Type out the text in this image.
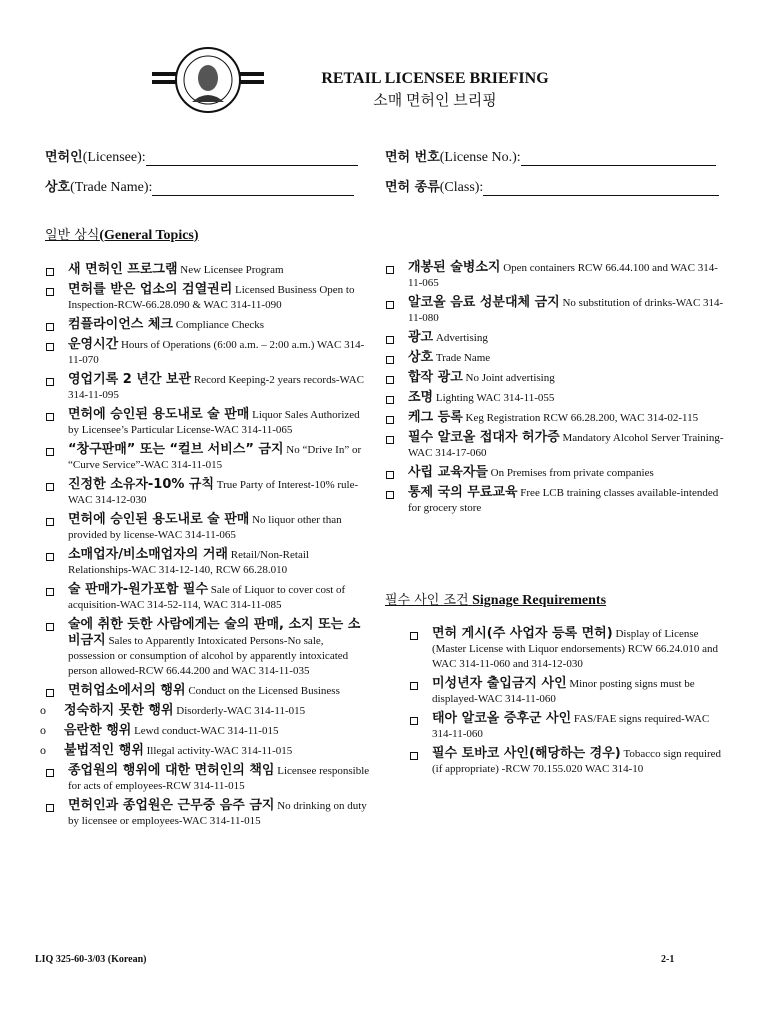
RETAIL LICENSEE BRIEFING
소매 면허인 브리핑
면허인(Licensee):	면허 번호(License No.):
상호(Trade Name):	면허 종류(Class):
일반 상식(General Topics)
새 면허인 프로그램 New Licensee Program
면허를 받은 업소의 검열권리 Licensed Business Open to Inspection-RCW-66.28.090 & WAC 314-11-090
컴플라이언스 체크 Compliance Checks
운영시간 Hours of Operations (6:00 a.m. – 2:00 a.m.) WAC 314-11-070
영업기록 2 년간 보관 Record Keeping-2 years records-WAC 314-11-095
면허에 승인된 용도내로 술 판매 Liquor Sales Authorized by Licensee’s Particular License-WAC 314-11-065
“창구판매” 또는 “컬브 서비스” 금지 No “Drive In” or “Curve Service”-WAC 314-11-015
진정한 소유자-10% 규칙 True Party of Interest-10% rule-WAC 314-12-030
면허에 승인된 용도내로 술 판매 No liquor other than provided by license-WAC 314-11-065
소매업자/비소매업자의 거래 Retail/Non-Retail Relationships-WAC 314-12-140, RCW 66.28.010
술 판매가-원가포함 필수 Sale of Liquor to cover cost of acquisition-WAC 314-52-114, WAC 314-11-085
술에 취한 듯한 사람에게는 술의 판매, 소지 또는 소비금지 Sales to Apparently Intoxicated Persons-No sale, possession or consumption of alcohol by apparently intoxicated person allowed-RCW 66.44.200 and WAC 314-11-035
면허업소에서의 행위 Conduct on the Licensed Business
o 정숙하지 못한 행위 Disorderly-WAC 314-11-015
o 음란한 행위 Lewd conduct-WAC 314-11-015
o 불법적인 행위 Illegal activity-WAC 314-11-015
종업원의 행위에 대한 면허인의 책임 Licensee responsible for acts of employees-RCW 314-11-015
면허인과 종업원은 근무중 음주 금지 No drinking on duty by licensee or employees-WAC 314-11-015
개봉된 술병소지 Open containers RCW 66.44.100 and WAC 314-11-065
알코올 음료 성분대체 금지 No substitution of drinks-WAC 314-11-080
광고 Advertising
상호 Trade Name
합작 광고 No Joint advertising
조명 Lighting WAC 314-11-055
케그 등록 Keg Registration RCW 66.28.200, WAC 314-02-115
필수 알코올 접대자 허가증 Mandatory Alcohol Server Training-WAC 314-17-060
사립 교육자들 On Premises from private companies
통제 국의 무료교육 Free LCB training classes available-intended for grocery store
필수 사인 조건 Signage Requirements
면허 게시(주 사업자 등록 면허) Display of License (Master License with Liquor endorsements) RCW 66.24.010 and WAC 314-11-060 and 314-12-030
미성년자 출입금지 사인 Minor posting signs must be displayed-WAC 314-11-060
태아 알코올 증후군 사인 FAS/FAE signs required-WAC 314-11-060
필수 토바코 사인(해당하는 경우) Tobacco sign required (if appropriate) -RCW 70.155.020 WAC 314-10
LIQ 325-60-3/03 (Korean)	2-1
